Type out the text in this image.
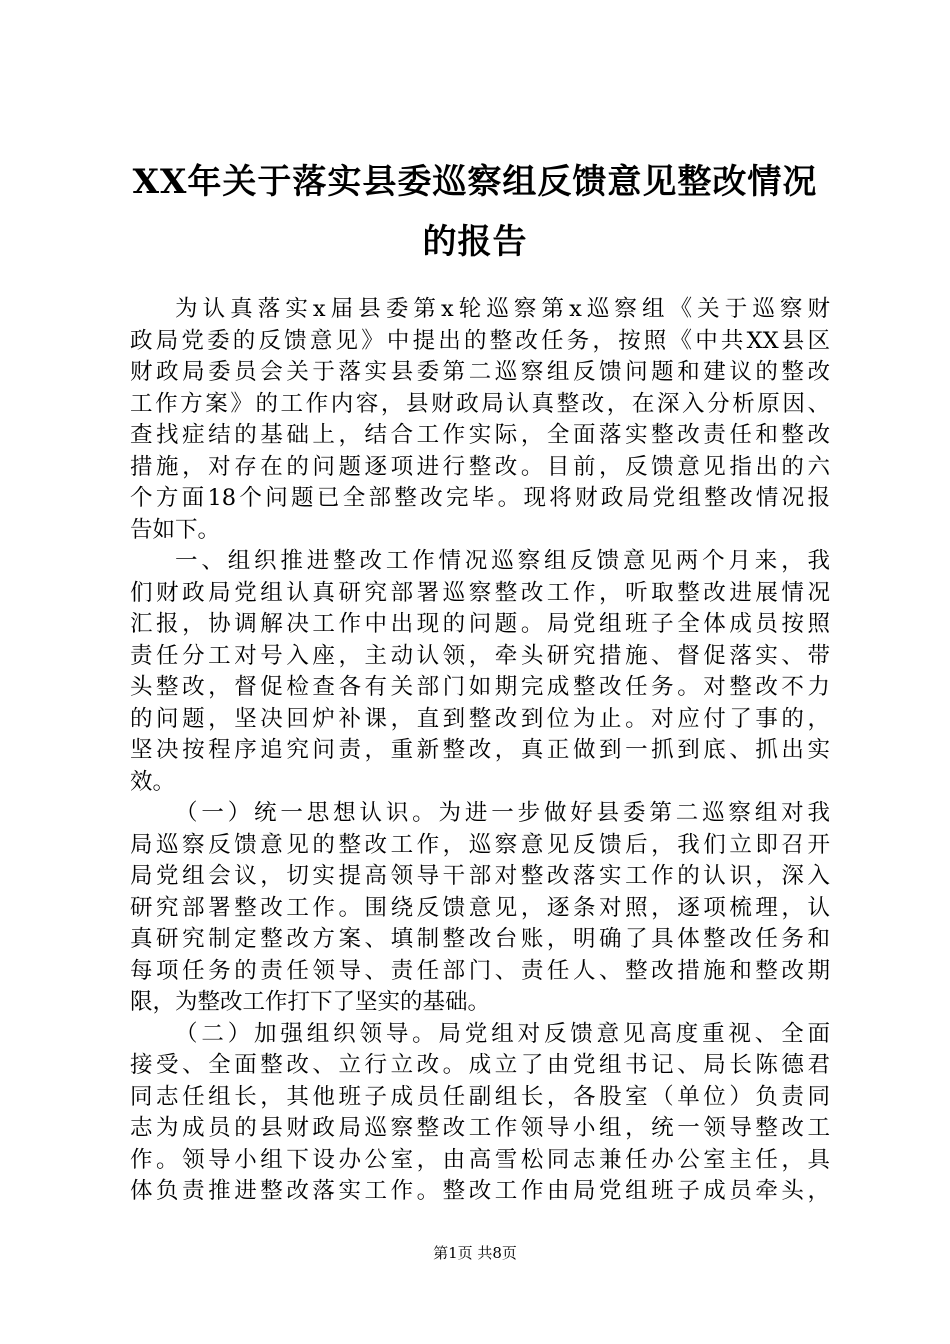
XX年关于落实县委巡察组反馈意见整改情况
的报告
为认真落实x届县委第x轮巡察第x巡察组《关于巡察财
政局党委的反馈意见》中提出的整改任务，按照《中共XX县区
财政局委员会关于落实县委第二巡察组反馈问题和建议的整改
工作方案》的工作内容，县财政局认真整改，在深入分析原因、
查找症结的基础上，结合工作实际，全面落实整改责任和整改
措施，对存在的问题逐项进行整改。目前，反馈意见指出的六
个方面18个问题已全部整改完毕。现将财政局党组整改情况报
告如下。
一、组织推进整改工作情况巡察组反馈意见两个月来，我
们财政局党组认真研究部署巡察整改工作，听取整改进展情况
汇报，协调解决工作中出现的问题。局党组班子全体成员按照
责任分工对号入座，主动认领，牵头研究措施、督促落实、带
头整改，督促检查各有关部门如期完成整改任务。对整改不力
的问题，坚决回炉补课，直到整改到位为止。对应付了事的，
坚决按程序追究问责，重新整改，真正做到一抓到底、抓出实
效。
（一）统一思想认识。为进一步做好县委第二巡察组对我
局巡察反馈意见的整改工作，巡察意见反馈后，我们立即召开
局党组会议，切实提高领导干部对整改落实工作的认识，深入
研究部署整改工作。围绕反馈意见，逐条对照，逐项梳理，认
真研究制定整改方案、填制整改台账，明确了具体整改任务和
每项任务的责任领导、责任部门、责任人、整改措施和整改期
限，为整改工作打下了坚实的基础。
（二）加强组织领导。局党组对反馈意见高度重视、全面
接受、全面整改、立行立改。成立了由党组书记、局长陈德君
同志任组长，其他班子成员任副组长，各股室（单位）负责同
志为成员的县财政局巡察整改工作领导小组，统一领导整改工
作。领导小组下设办公室，由高雪松同志兼任办公室主任，具
体负责推进整改落实工作。整改工作由局党组班子成员牵头，
第1页 共8页
